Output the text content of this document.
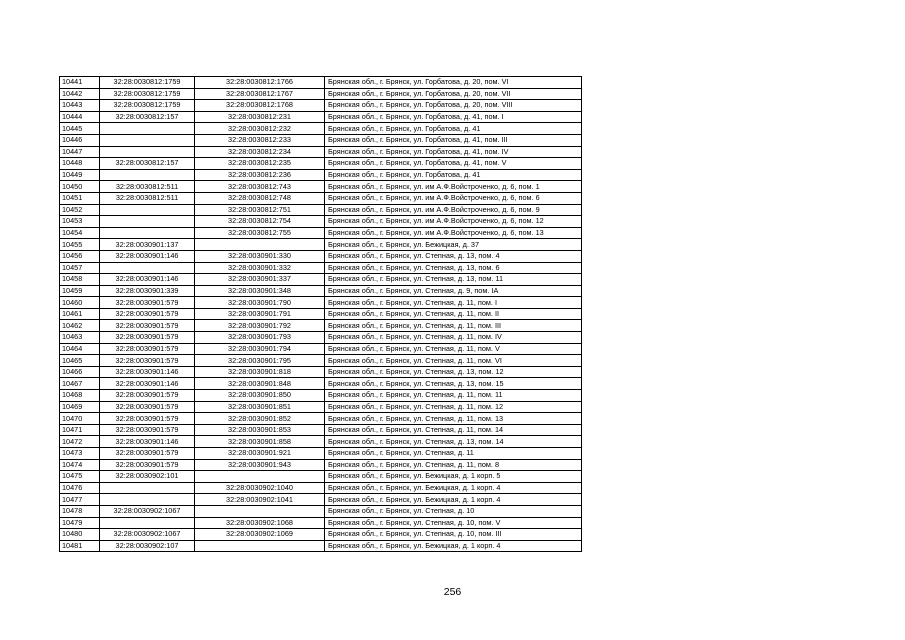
10441	32:28:0030812:1759	32:28:0030812:1766	Брянская обл., г. Брянск, ул. Горбатова, д. 20, пом. VI
10442	32:28:0030812:1759	32:28:0030812:1767	Брянская обл., г. Брянск, ул. Горбатова, д. 20, пом. VII
10443	32:28:0030812:1759	32:28:0030812:1768	Брянская обл., г. Брянск, ул. Горбатова, д. 20, пом. VIII
10444	32:28:0030812:157	32:28:0030812:231	Брянская обл., г. Брянск, ул. Горбатова, д. 41, пом. I
10445		32:28:0030812:232	Брянская обл., г. Брянск, ул. Горбатова, д. 41
10446		32:28:0030812:233	Брянская обл., г. Брянск, ул. Горбатова, д. 41, пом. III
10447		32:28:0030812:234	Брянская обл., г. Брянск, ул. Горбатова, д. 41, пом. IV
10448	32:28:0030812:157	32:28:0030812:235	Брянская обл., г. Брянск, ул. Горбатова, д. 41, пом. V
10449		32:28:0030812:236	Брянская обл., г. Брянск, ул. Горбатова, д. 41
10450	32:28:0030812:511	32:28:0030812:743	Брянская обл., г. Брянск, ул. им А.Ф.Войстроченко, д. 6, пом. 1
10451	32:28:0030812:511	32:28:0030812:748	Брянская обл., г. Брянск, ул. им А.Ф.Войстроченко, д. 6, пом. 6
10452		32:28:0030812:751	Брянская обл., г. Брянск, ул. им А.Ф.Войстроченко, д. 6, пом. 9
10453		32:28:0030812:754	Брянская обл., г. Брянск, ул. им А.Ф.Войстроченко, д. 6, пом. 12
10454		32:28:0030812:755	Брянская обл., г. Брянск, ул. им А.Ф.Войстроченко, д. 6, пом. 13
10455	32:28:0030901:137		Брянская обл., г. Брянск, ул. Бежицкая, д. 37
10456	32:28:0030901:146	32:28:0030901:330	Брянская обл., г. Брянск, ул. Степная, д. 13, пом. 4
10457		32:28:0030901:332	Брянская обл., г. Брянск, ул. Степная, д. 13, пом. 6
10458	32:28:0030901:146	32:28:0030901:337	Брянская обл., г. Брянск, ул. Степная, д. 13, пом. 11
10459	32:28:0030901:339	32:28:0030901:348	Брянская обл., г. Брянск, ул. Степная, д. 9, пом. IA
10460	32:28:0030901:579	32:28:0030901:790	Брянская обл., г. Брянск, ул. Степная, д. 11, пом. I
10461	32:28:0030901:579	32:28:0030901:791	Брянская обл., г. Брянск, ул. Степная, д. 11, пом. II
10462	32:28:0030901:579	32:28:0030901:792	Брянская обл., г. Брянск, ул. Степная, д. 11, пом. III
10463	32:28:0030901:579	32:28:0030901:793	Брянская обл., г. Брянск, ул. Степная, д. 11, пом. IV
10464	32:28:0030901:579	32:28:0030901:794	Брянская обл., г. Брянск, ул. Степная, д. 11, пом. V
10465	32:28:0030901:579	32:28:0030901:795	Брянская обл., г. Брянск, ул. Степная, д. 11, пом. VI
10466	32:28:0030901:146	32:28:0030901:818	Брянская обл., г. Брянск, ул. Степная, д. 13, пом. 12
10467	32:28:0030901:146	32:28:0030901:848	Брянская обл., г. Брянск, ул. Степная, д. 13, пом. 15
10468	32:28:0030901:579	32:28:0030901:850	Брянская обл., г. Брянск, ул. Степная, д. 11, пом. 11
10469	32:28:0030901:579	32:28:0030901:851	Брянская обл., г. Брянск, ул. Степная, д. 11, пом. 12
10470	32:28:0030901:579	32:28:0030901:852	Брянская обл., г. Брянск, ул. Степная, д. 11, пом. 13
10471	32:28:0030901:579	32:28:0030901:853	Брянская обл., г. Брянск, ул. Степная, д. 11, пом. 14
10472	32:28:0030901:146	32:28:0030901:858	Брянская обл., г. Брянск, ул. Степная, д. 13, пом. 14
10473	32:28:0030901:579	32:28:0030901:921	Брянская обл., г. Брянск, ул. Степная, д. 11
10474	32:28:0030901:579	32:28:0030901:943	Брянская обл., г. Брянск, ул. Степная, д. 11, пом. 8
10475	32:28:0030902:101		Брянская обл., г. Брянск, ул. Бежицкая, д. 1 корп. 5
10476		32:28:0030902:1040	Брянская обл., г. Брянск, ул. Бежицкая, д. 1 корп. 4
10477		32:28:0030902:1041	Брянская обл., г. Брянск, ул. Бежицкая, д. 1 корп. 4
10478	32:28:0030902:1067		Брянская обл., г. Брянск, ул. Степная, д. 10
10479		32:28:0030902:1068	Брянская обл., г. Брянск, ул. Степная, д. 10, пом. V
10480	32:28:0030902:1067	32:28:0030902:1069	Брянская обл., г. Брянск, ул. Степная, д. 10, пом. III
10481	32:28:0030902:107		Брянская обл., г. Брянск, ул. Бежицкая, д. 1 корп. 4
256
